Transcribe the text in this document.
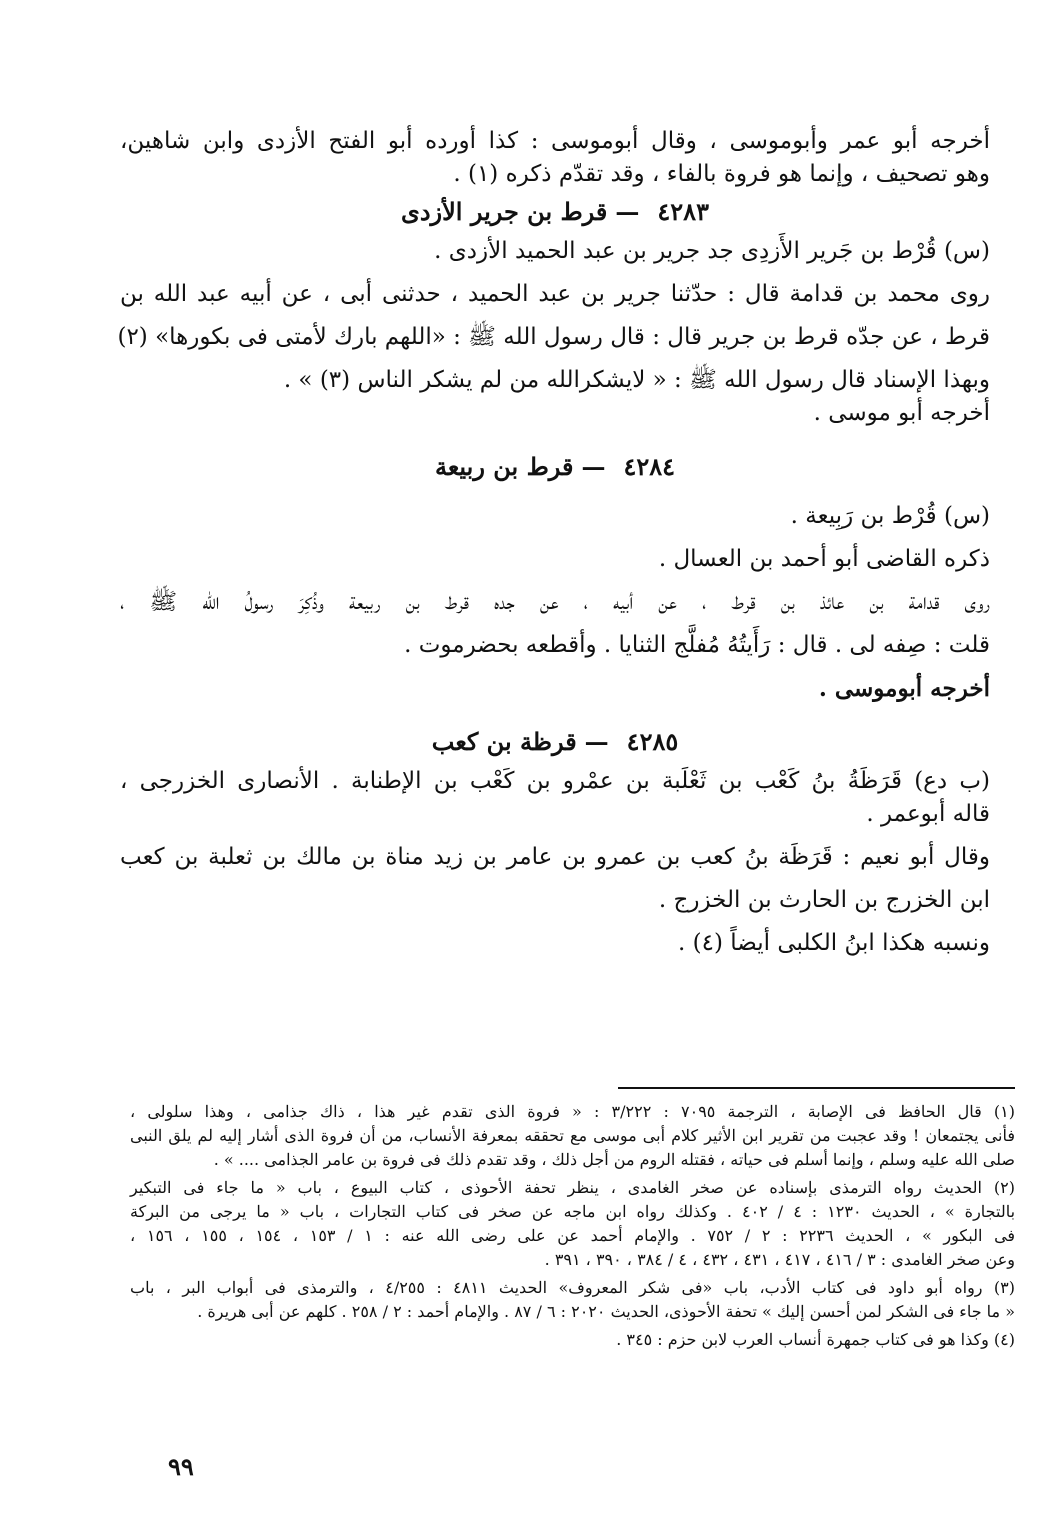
أخرجه أبو عمر وأبوموسى ، وقال أبوموسى : كذا أورده أبو الفتح الأزدى وابن شاهين،

وهو تصحيف ، وإنما هو فروة بالفاء ، وقد تقدّم ذكره (١) .

٤٢٨٣—قرط بن جرير الأزدى

(س) قُرْط بن جَرير الأَزدِى جد جرير بن عبد الحميد الأزدى .

روى محمد بن قدامة قال : حدّثنا جرير بن عبد الحميد ، حدثنى أبى ، عن أبيه عبد الله بن

قرط ، عن جدّه قرط بن جرير قال : قال رسول الله ﷺ : «اللهم بارك لأمتى فى بكورها» (٢)

وبهذا الإسناد قال رسول الله ﷺ : « لايشكرالله من لم يشكر الناس (٣) » .

أخرجه أبو موسى .

٤٢٨٤—قرط بن ربيعة

(س) قُرْط بن رَبِيعة .

ذكره القاضى أبو أحمد بن العسال .

روى قدامة بن عائذ بن قرط ، عن أبيه ، عن جده قرط بن ربيعة وذُكِرَ رسولُ الله ﷺ ،

قلت : صِفه لى . قال : رَأَيتُهُ مُفلَّج الثنايا . وأقطعه بحضرموت .

أخرجه أبوموسى .

٤٢٨٥—قرظة بن كعب

(ب دع) قَرَظَةُ بنُ كَعْب بن ثَعْلَبة بن عمْرو بن كَعْب بن الإطنابة . الأنصارى الخزرجى ،

قاله أبوعمر .

وقال أبو نعيم : قَرَظَة بنُ كعب بن عمرو بن عامر بن زيد مناة بن مالك بن ثعلبة بن كعب

ابن الخزرج بن الحارث بن الخزرج .

ونسبه هكذا ابنُ الكلبى أيضاً (٤) .

(١) قال الحافظ فى الإصابة ، الترجمة ٧٠٩٥ : ٣/٢٢٢ : « فروة الذى تقدم غير هذا ، ذاك جذامى ، وهذا سلولى ،

فأنى يجتمعان ! وقد عجبت من تقرير ابن الأثير كلام أبى موسى مع تحققه بمعرفة الأنساب، من أن فروة الذى أشار إليه لم يلق النبى

صلى الله عليه وسلم ، وإنما أسلم فى حياته ، فقتله الروم من أجل ذلك ، وقد تقدم ذلك فى فروة بن عامر الجذامى .... » .

(٢) الحديث رواه الترمذى بإسناده عن صخر الغامدى ، ينظر تحفة الأحوذى ، كتاب البيوع ، باب « ما جاء فى التبكير

بالتجارة » ، الحديث ١٢٣٠ : ٤ / ٤٠٢ . وكذلك رواه ابن ماجه عن صخر فى كتاب التجارات ، باب « ما يرجى من البركة

فى البكور » ، الحديث ٢٢٣٦ : ٢ / ٧٥٢ . والإمام أحمد عن على رضى الله عنه : ١ / ١٥٣ ، ١٥٤ ، ١٥٥ ، ١٥٦ ،

وعن صخر الغامدى : ٣ / ٤١٦ ، ٤١٧ ، ٤٣١ ، ٤٣٢ ، ٤ / ٣٨٤ ، ٣٩٠ ، ٣٩١ .

(٣) رواه أبو داود فى كتاب الأدب، باب «فى شكر المعروف» الحديث ٤٨١١ : ٤/٢٥٥ ، والترمذى فى أبواب البر ، باب

« ما جاء فى الشكر لمن أحسن إليك » تحفة الأحوذى، الحديث ٢٠٢٠ : ٦ / ٨٧ . والإمام أحمد : ٢ / ٢٥٨ . كلهم عن أبى هريرة .

(٤) وكذا هو فى كتاب جمهرة أنساب العرب لابن حزم : ٣٤٥ .

٩٩
